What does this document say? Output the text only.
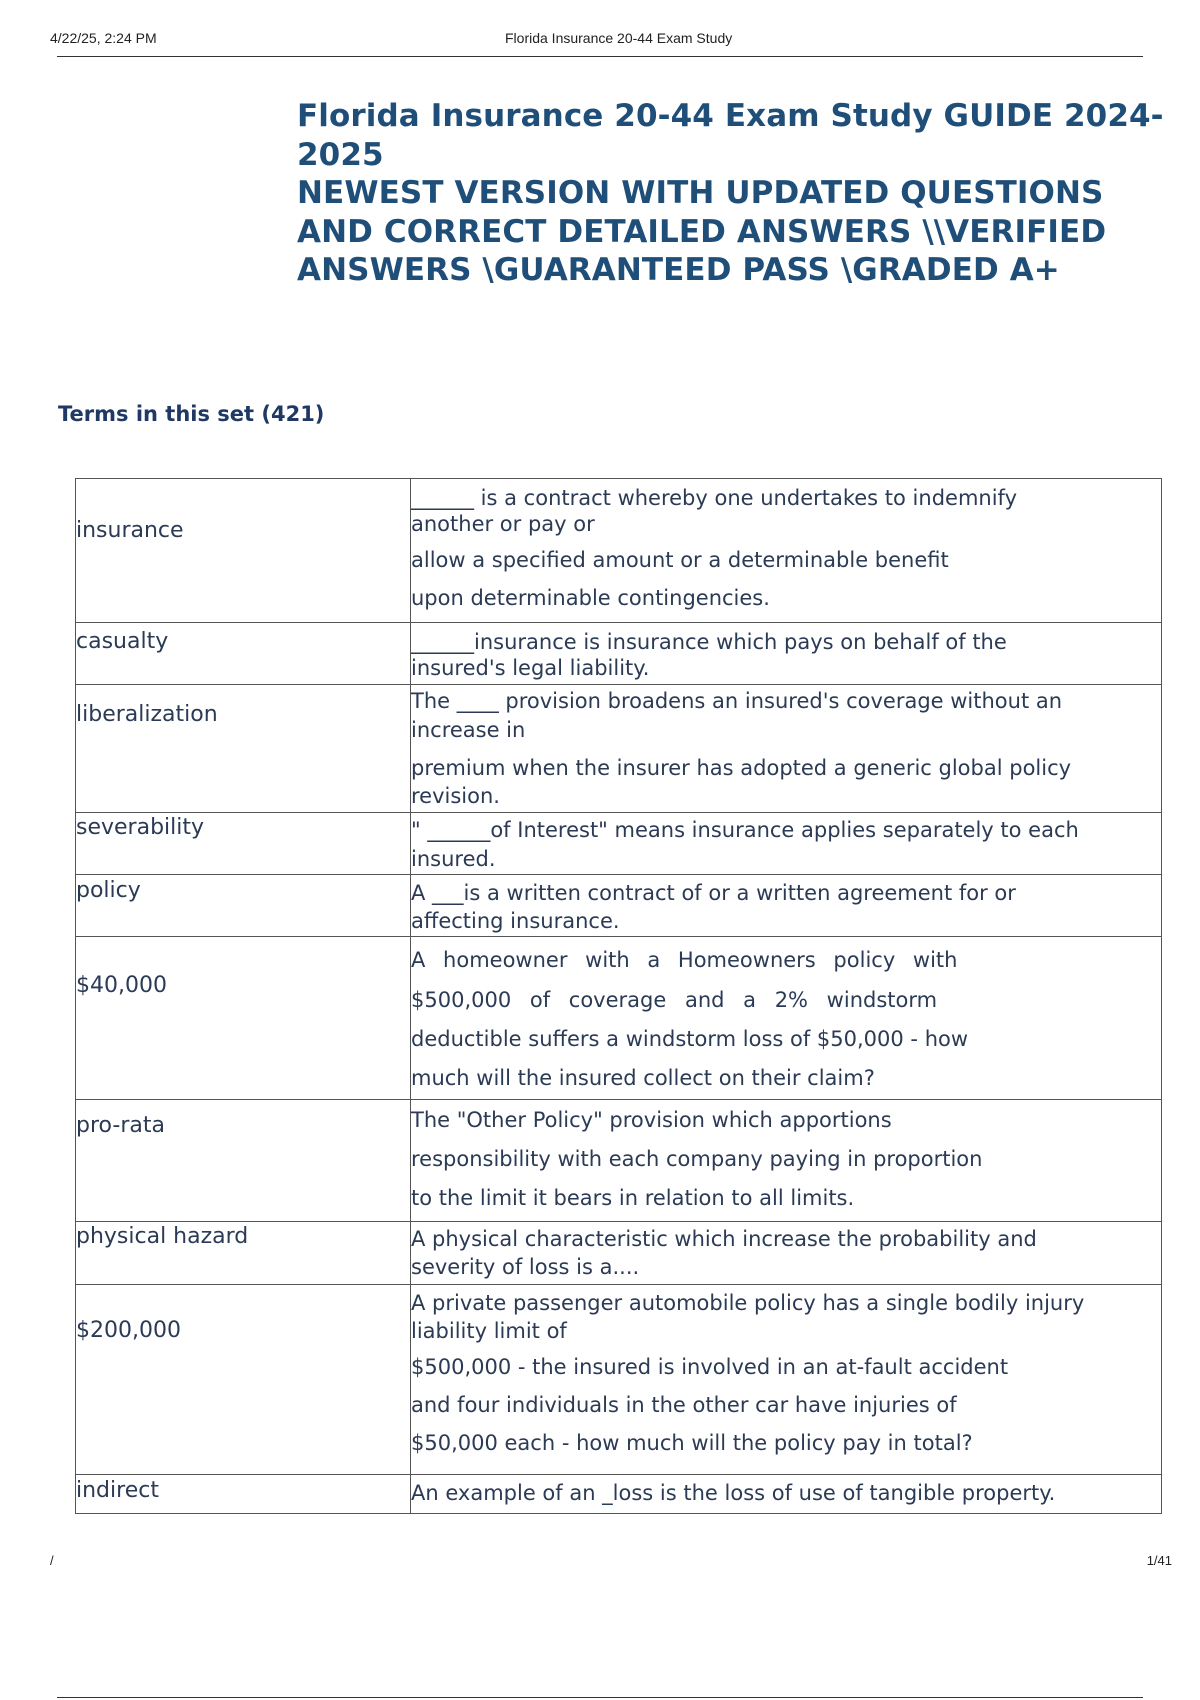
4/22/25, 2:24 PM	Florida Insurance 20-44 Exam Study
Florida Insurance 20-44 Exam Study GUIDE 2024-2025
NEWEST VERSION WITH UPDATED QUESTIONS
AND CORRECT DETAILED ANSWERS \\VERIFIED
ANSWERS \GUARANTEED PASS \GRADED A+
Terms in this set (421)
insurance	______ is a contract whereby one undertakes to indemnify
another or pay or
allow a specified amount or a determinable benefit
upon determinable contingencies.

casualty	______insurance is insurance which pays on behalf of the
insured's legal liability.

liberalization	The ____ provision broadens an insured's coverage without an
increase in
premium when the insurer has adopted a generic global policy
revision.

severability	" ______of Interest" means insurance applies separately to each
insured.

policy	A ___is a written contract of or a written agreement for or
affecting insurance.

$40,000	A homeowner with a Homeowners policy with
$500,000 of coverage and a 2% windstorm
deductible suffers a windstorm loss of $50,000 - how
much will the insured collect on their claim?

pro-rata	The "Other Policy" provision which apportions
responsibility with each company paying in proportion
to the limit it bears in relation to all limits.

physical hazard	A physical characteristic which increase the probability and
severity of loss is a....

$200,000	A private passenger automobile policy has a single bodily injury
liability limit of
$500,000 - the insured is involved in an at-fault accident
and four individuals in the other car have injuries of
$50,000 each - how much will the policy pay in total?

indirect	An example of an _loss is the loss of use of tangible property.
/	1/41
